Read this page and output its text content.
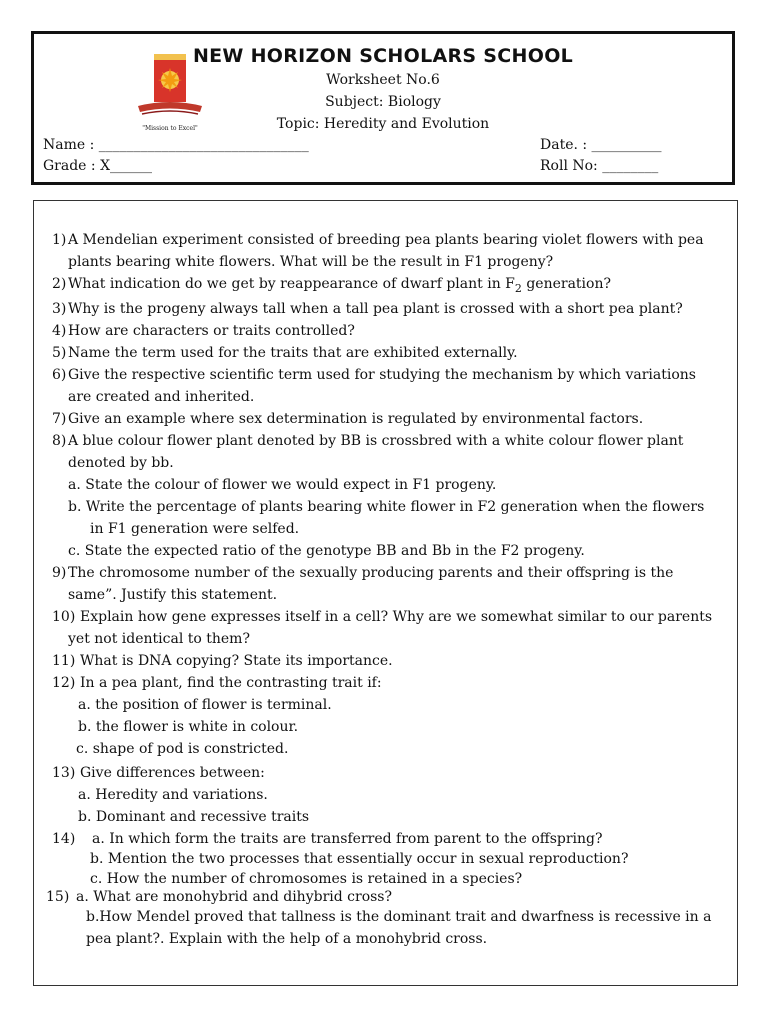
"Mission to Excel"
NEW HORIZON SCHOLARS SCHOOL
Worksheet No.6
Subject: Biology
Topic: Heredity and Evolution
Name : ______________________________	Date. : __________
Grade : X______	Roll No: ________
1) A Mendelian experiment consisted of breeding pea plants bearing violet flowers with pea
plants bearing white flowers. What will be the result in F1 progeny?
2) What indication do we get by reappearance of dwarf plant in $F_2$ generation?
3) Why is the progeny always tall when a tall pea plant is crossed with a short pea plant?
4) How are characters or traits controlled?
5) Name the term used for the traits that are exhibited externally.
6) Give the respective scientific term used for studying the mechanism by which variations
are created and inherited.
7) Give an example where sex determination is regulated by environmental factors.
8) A blue colour flower plant denoted by BB is crossbred with a white colour flower plant
denoted by bb.
a. State the colour of flower we would expect in F1 progeny.
b. Write the percentage of plants bearing white flower in F2 generation when the flowers
in F1 generation were selfed.
c. State the expected ratio of the genotype BB and Bb in the F2 progeny.
9) The chromosome number of the sexually producing parents and their offspring is the
same”. Justify this statement.
10) Explain how gene expresses itself in a cell? Why are we somewhat similar to our parents
yet not identical to them?
11) What is DNA copying? State its importance.
12) In a pea plant, find the contrasting trait if:
a. the position of flower is terminal.
b. the flower is white in colour.
c. shape of pod is constricted.
13) Give differences between:
a. Heredity and variations.
b. Dominant and recessive traits
14) a. In which form the traits are transferred from parent to the offspring?
b. Mention the two processes that essentially occur in sexual reproduction?
c. How the number of chromosomes is retained in a species?
15) a. What are monohybrid and dihybrid cross?
b.How Mendel proved that tallness is the dominant trait and dwarfness is recessive in a
pea plant?. Explain with the help of a monohybrid cross.
